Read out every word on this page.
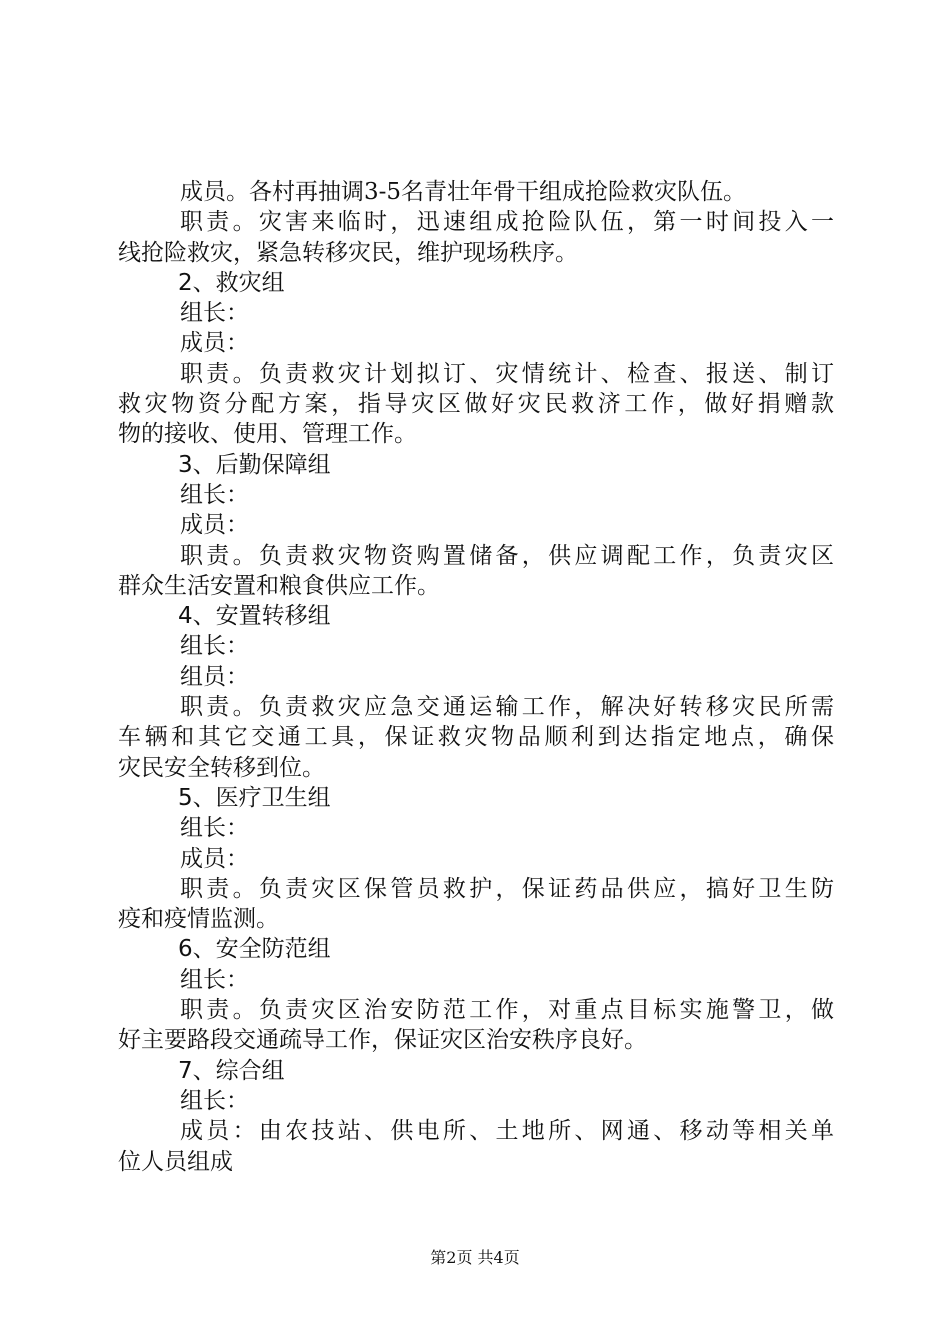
成员。各村再抽调3-5名青壮年骨干组成抢险救灾队伍。
职责。灾害来临时，迅速组成抢险队伍，第一时间投入一
线抢险救灾，紧急转移灾民，维护现场秩序。
2、救灾组
组长：
成员：
职责。负责救灾计划拟订、灾情统计、检查、报送、制订
救灾物资分配方案，指导灾区做好灾民救济工作，做好捐赠款
物的接收、使用、管理工作。
3、后勤保障组
组长：
成员：
职责。负责救灾物资购置储备，供应调配工作，负责灾区
群众生活安置和粮食供应工作。
4、安置转移组
组长：
组员：
职责。负责救灾应急交通运输工作，解决好转移灾民所需
车辆和其它交通工具，保证救灾物品顺利到达指定地点，确保
灾民安全转移到位。
5、医疗卫生组
组长：
成员：
职责。负责灾区保管员救护，保证药品供应，搞好卫生防
疫和疫情监测。
6、安全防范组
组长：
职责。负责灾区治安防范工作，对重点目标实施警卫，做
好主要路段交通疏导工作，保证灾区治安秩序良好。
7、综合组
组长：
成员：由农技站、供电所、土地所、网通、移动等相关单
位人员组成
第2页 共4页
